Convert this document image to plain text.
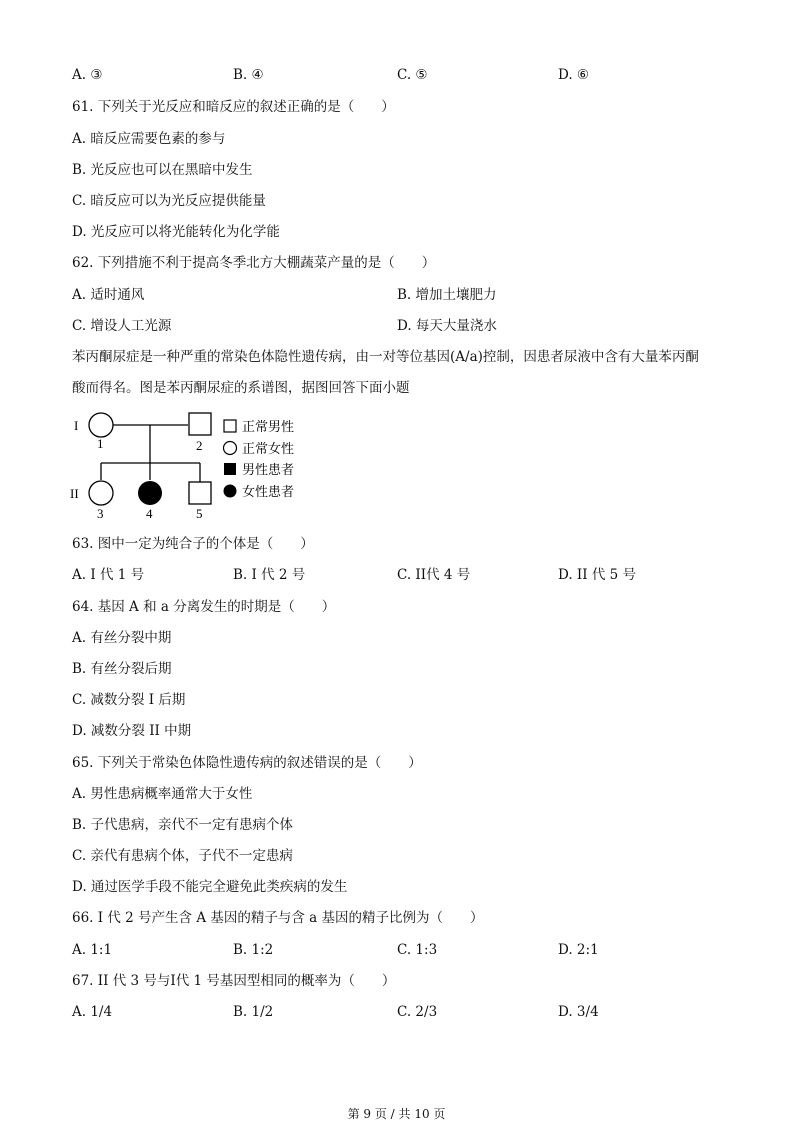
A. ③	B. ④	C. ⑤	D. ⑥
61. 下列关于光反应和暗反应的叙述正确的是（　　）
A. 暗反应需要色素的参与
B. 光反应也可以在黑暗中发生
C. 暗反应可以为光反应提供能量
D. 光反应可以将光能转化为化学能
62. 下列措施不利于提高冬季北方大棚蔬菜产量的是（　　）
A. 适时通风	B. 增加土壤肥力
C. 增设人工光源	D. 每天大量浇水
苯丙酮尿症是一种严重的常染色体隐性遗传病，由一对等位基因(A/a)控制，因患者尿液中含有大量苯丙酮
酸而得名。图是苯丙酮尿症的系谱图，据图回答下面小题
I
II
1	2
3	4	5
正常男性
正常女性
男性患者
女性患者
63. 图中一定为纯合子的个体是（　　）
A. I 代 1 号	B. I 代 2 号	C. II代 4 号	D. II 代 5 号
64. 基因 A 和 a 分离发生的时期是（　　）
A. 有丝分裂中期
B. 有丝分裂后期
C. 减数分裂 I 后期
D. 减数分裂 II 中期
65. 下列关于常染色体隐性遗传病的叙述错误的是（　　）
A. 男性患病概率通常大于女性
B. 子代患病，亲代不一定有患病个体
C. 亲代有患病个体，子代不一定患病
D. 通过医学手段不能完全避免此类疾病的发生
66. I 代 2 号产生含 A 基因的精子与含 a 基因的精子比例为（　　）
A. 1:1	B. 1:2	C. 1:3	D. 2:1
67. II 代 3 号与I代 1 号基因型相同的概率为（　　）
A. 1/4	B. 1/2	C. 2/3	D. 3/4
第 9 页 / 共 10 页
